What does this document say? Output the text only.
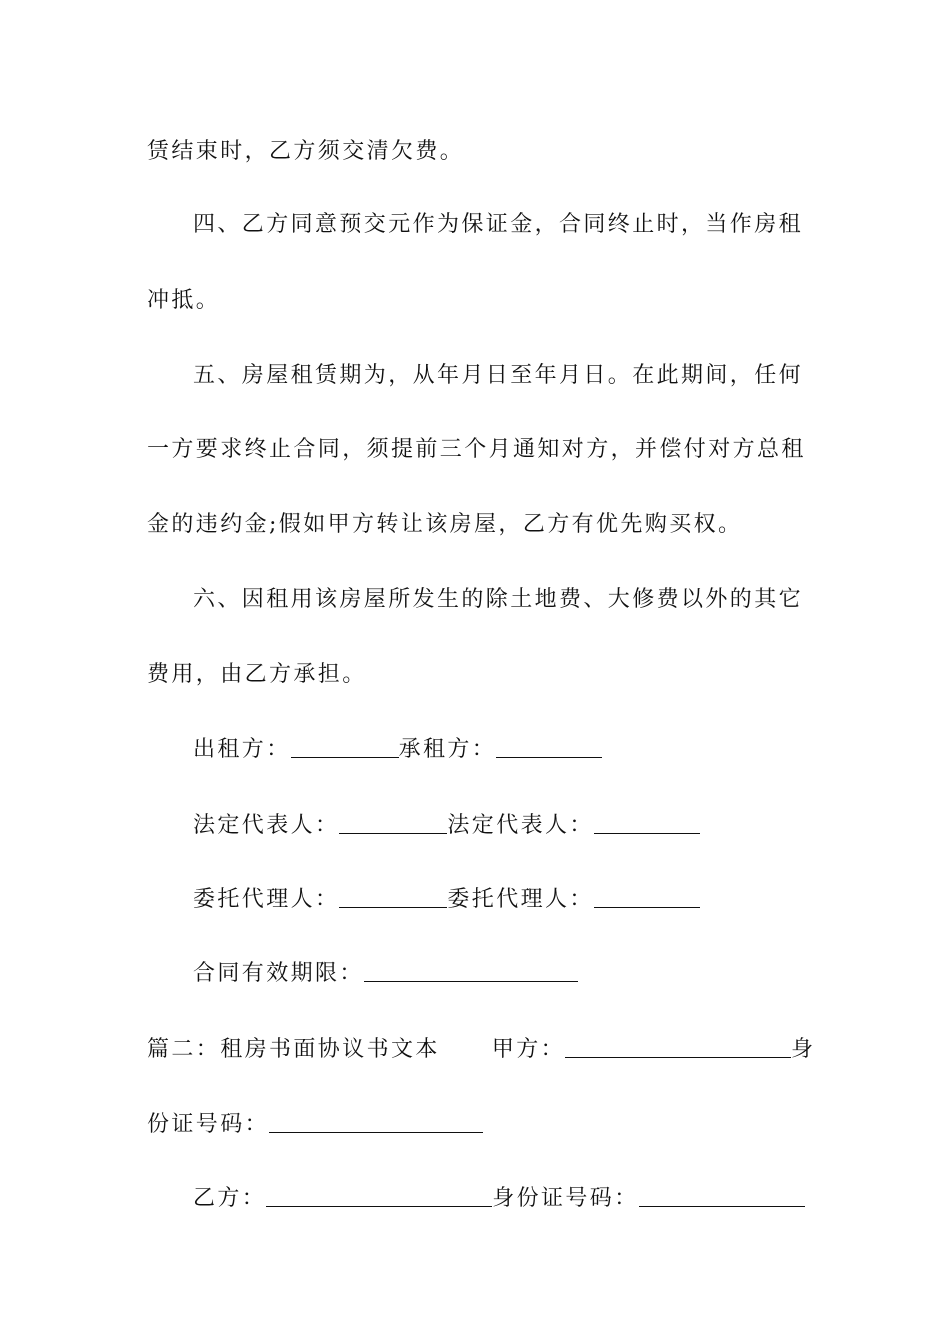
赁结束时，乙方须交清欠费。
四、乙方同意预交元作为保证金，合同终止时，当作房租
冲抵。
五、房屋租赁期为，从年月日至年月日。在此期间，任何
一方要求终止合同，须提前三个月通知对方，并偿付对方总租
金的违约金;假如甲方转让该房屋，乙方有优先购买权。
六、因租用该房屋所发生的除土地费、大修费以外的其它
费用，由乙方承担。
出租方：	承租方：
法定代表人：	法定代表人：
委托代理人：	委托代理人：
合同有效期限：
篇二：租房书面协议书文本 甲方：	身
份证号码：
乙方：	身份证号码：
